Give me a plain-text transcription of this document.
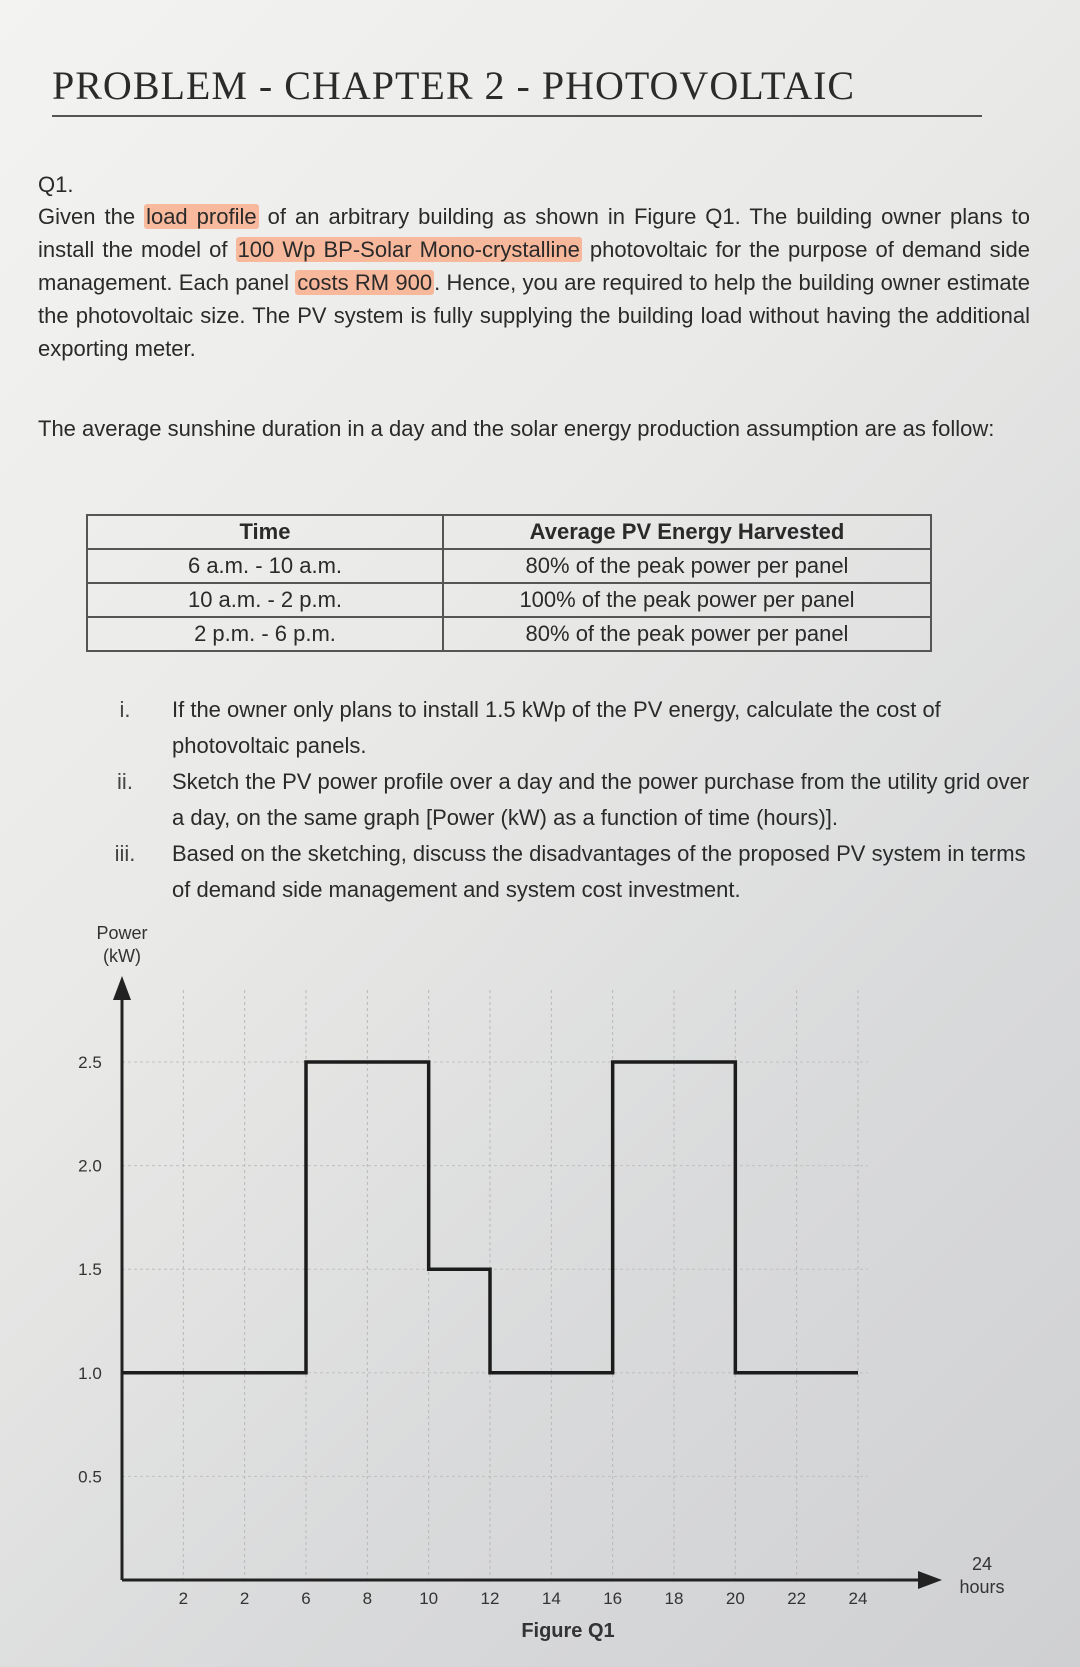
PROBLEM - CHAPTER 2 - PHOTOVOLTAIC
Q1.
Given the load profile of an arbitrary building as shown in Figure Q1. The building owner plans to install the model of 100 Wp BP-Solar Mono-crystalline photovoltaic for the purpose of demand side management. Each panel costs RM 900. Hence, you are required to help the building owner estimate the photovoltaic size. The PV system is fully supplying the building load without having the additional exporting meter.
The average sunshine duration in a day and the solar energy production assumption are as follow:
Time	Average PV Energy Harvested
6 a.m. - 10 a.m.	80% of the peak power per panel
10 a.m. - 2 p.m.	100% of the peak power per panel
2 p.m. - 6 p.m.	80% of the peak power per panel
i.	If the owner only plans to install 1.5 kWp of the PV energy, calculate the cost of photovoltaic panels.
ii.	Sketch the PV power profile over a day and the power purchase from the utility grid over a day, on the same graph [Power (kW) as a function of time (hours)].
iii.	Based on the sketching, discuss the disadvantages of the proposed PV system in terms of demand side management and system cost investment.
Power
(kW)
24
hours
0.5
1.0
1.5
2.0
2.5
2	2	6	8	10 12 14 16 18 20 22 24
Figure Q1
